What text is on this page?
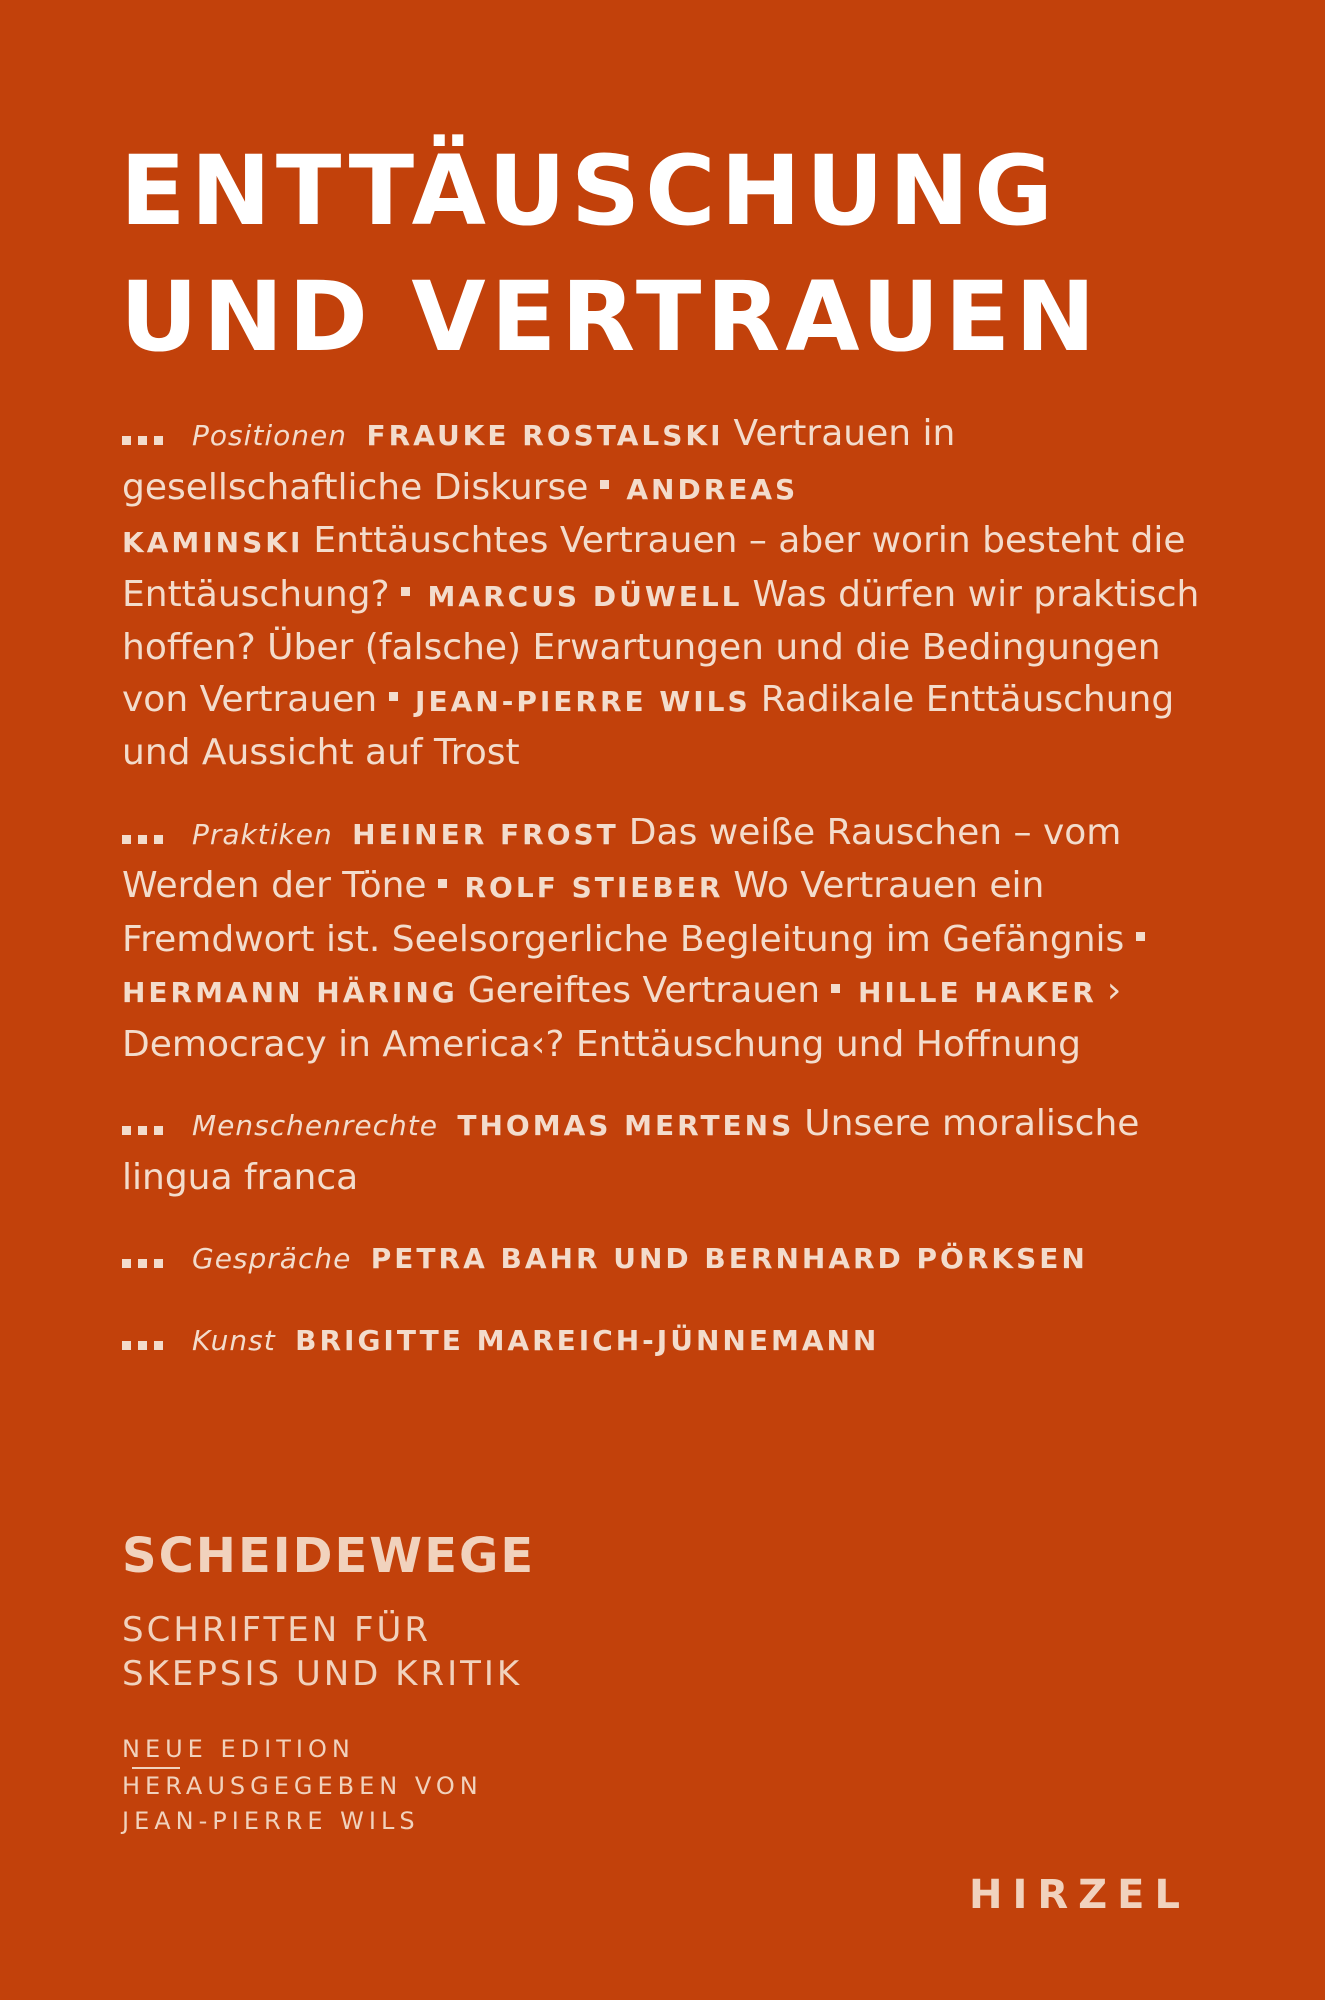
ENTTÄUSCHUNG
UND VERTRAUEN

Positionen FRAUKE ROSTALSKI Vertrauen in gesellschaftliche Diskurse ANDREAS KAMINSKI Enttäuschtes Vertrauen – aber worin besteht die Enttäuschung? MARCUS DÜWELL Was dürfen wir praktisch hoffen? Über (falsche) Erwartungen und die Bedingungen von Vertrauen JEAN-PIERRE WILS Radikale Enttäuschung und Aussicht auf Trost

Praktiken HEINER FROST Das weiße Rauschen – vom Werden der Töne ROLF STIEBER Wo Vertrauen ein Fremdwort ist. Seelsorgerliche Begleitung im Gefängnis  HERMANN HÄRING Gereiftes Vertrauen HILLE HAKER › Democracy in America‹? Enttäuschung und Hoffnung

Menschenrechte THOMAS MERTENS Unsere moralische lingua franca

Gespräche PETRA BAHR UND BERNHARD PÖRKSEN

Kunst BRIGITTE MAREICH-JÜNNEMANN

SCHEIDEWEGE
SCHRIFTEN FÜR
SKEPSIS UND KRITIK
NEUE EDITION
HERAUSGEGEBEN VON
JEAN-PIERRE WILS
HIRZEL
